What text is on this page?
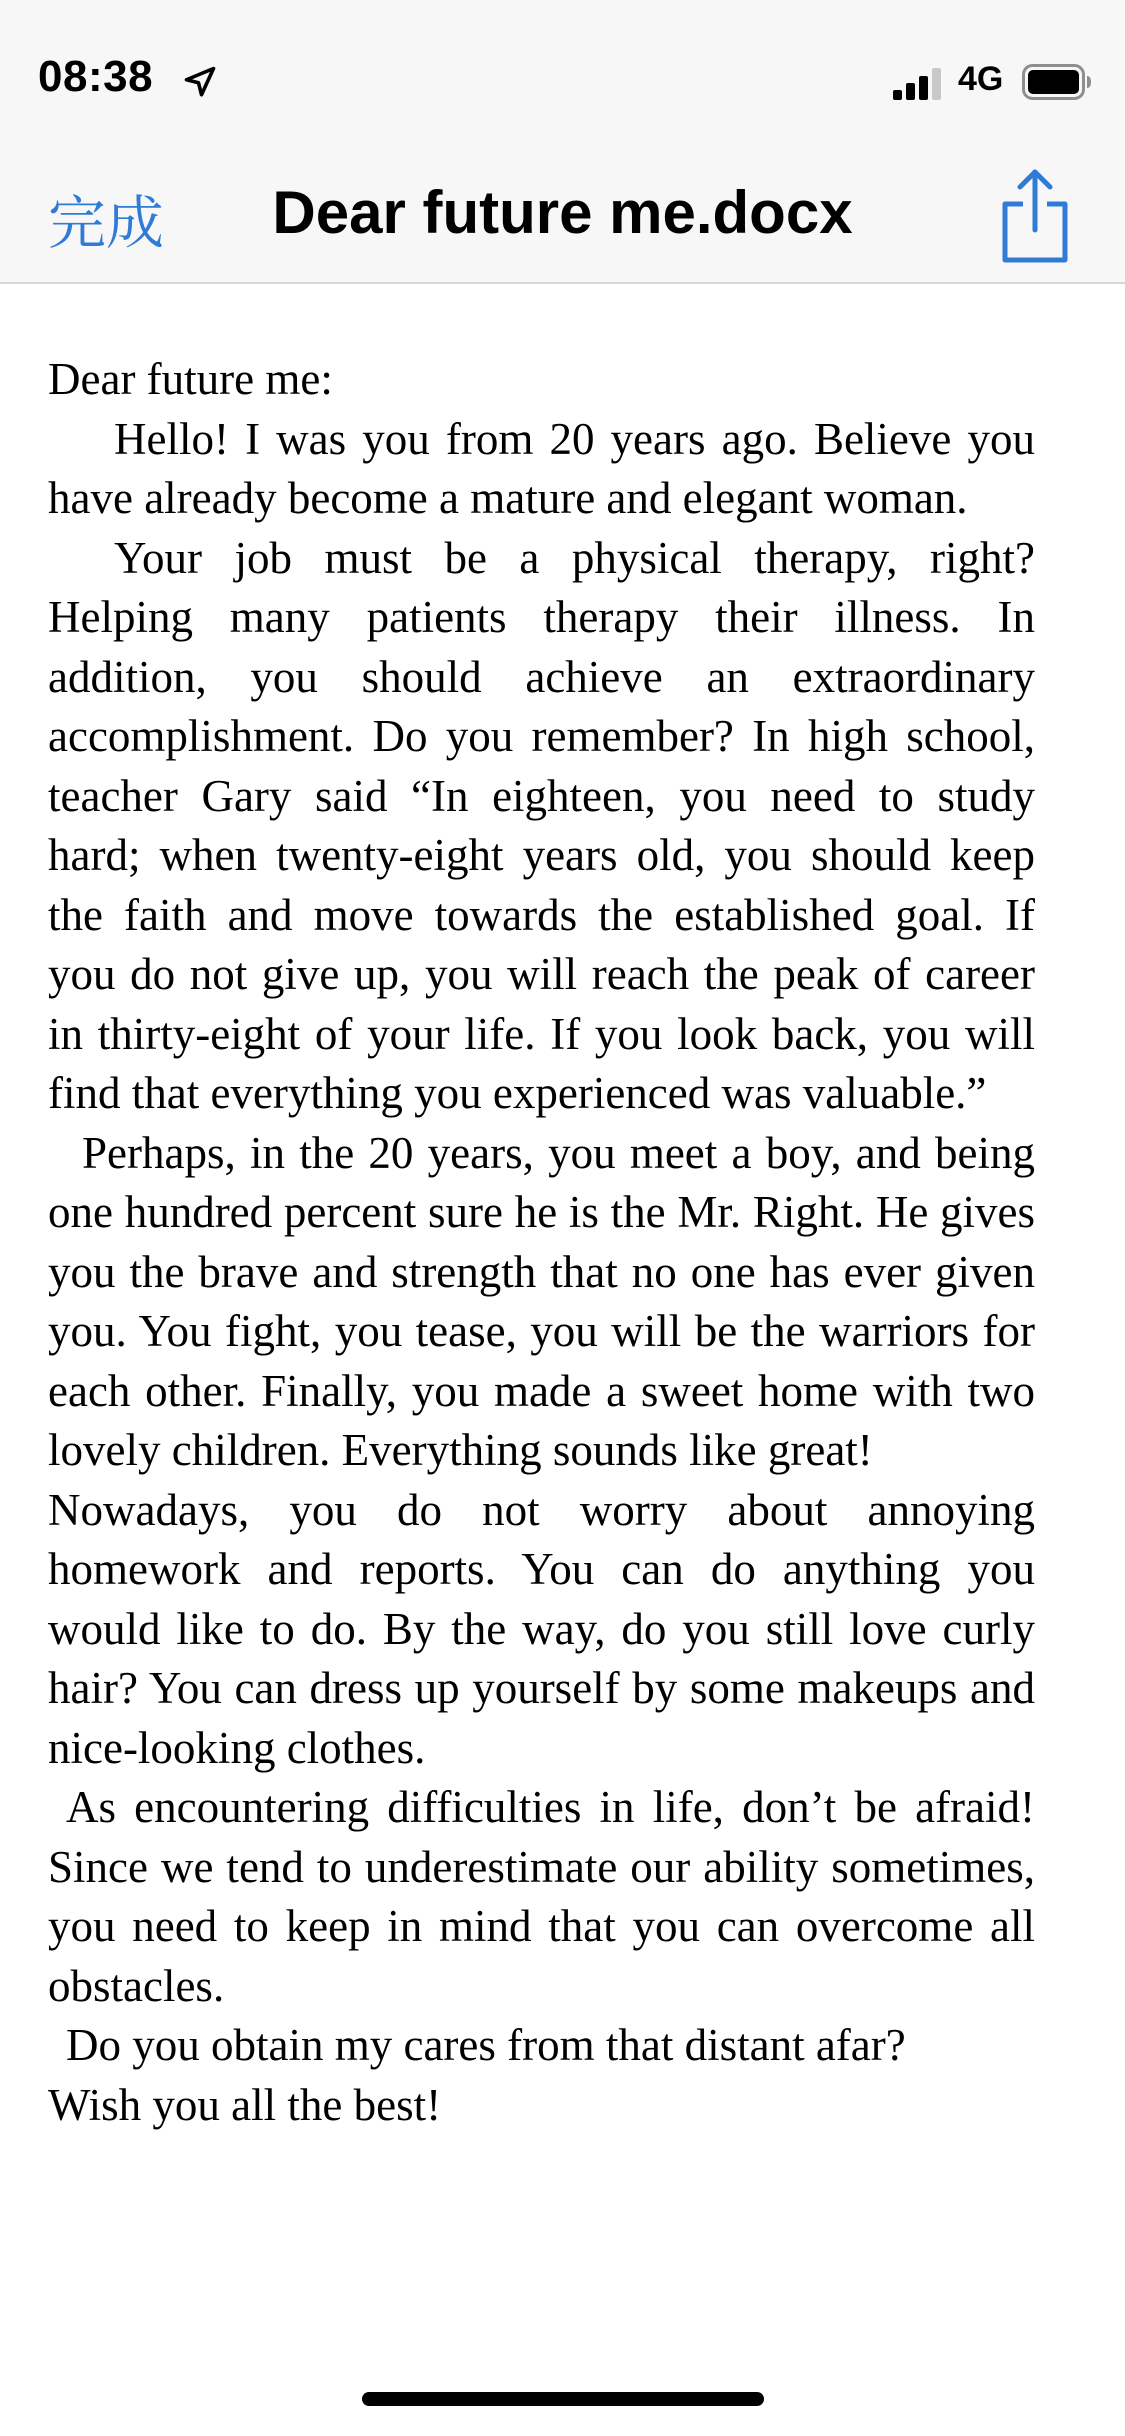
08:38	4G
完成	Dear future me.docx

Dear future me:

Hello! I was you from 20 years ago. Believe you have already become a mature and elegant woman.

Your job must be a physical therapy, right? Helping many patients therapy their illness. In addition, you should achieve an extraordinary accomplishment. Do you remember? In high school, teacher Gary said “In eighteen, you need to study hard; when twenty-eight years old, you should keep the faith and move towards the established goal. If you do not give up, you will reach the peak of career in thirty-eight of your life. If you look back, you will find that everything you experienced was valuable.”

Perhaps, in the 20 years, you meet a boy, and being one hundred percent sure he is the Mr. Right. He gives you the brave and strength that no one has ever given you. You fight, you tease, you will be the warriors for each other. Finally, you made a sweet home with two lovely children. Everything sounds like great!

Nowadays, you do not worry about annoying homework and reports. You can do anything you would like to do. By the way, do you still love curly hair? You can dress up yourself by some makeups and nice-looking clothes.

As encountering difficulties in life, don’t be afraid! Since we tend to underestimate our ability sometimes, you need to keep in mind that you can overcome all obstacles.

Do you obtain my cares from that distant afar?

Wish you all the best!
